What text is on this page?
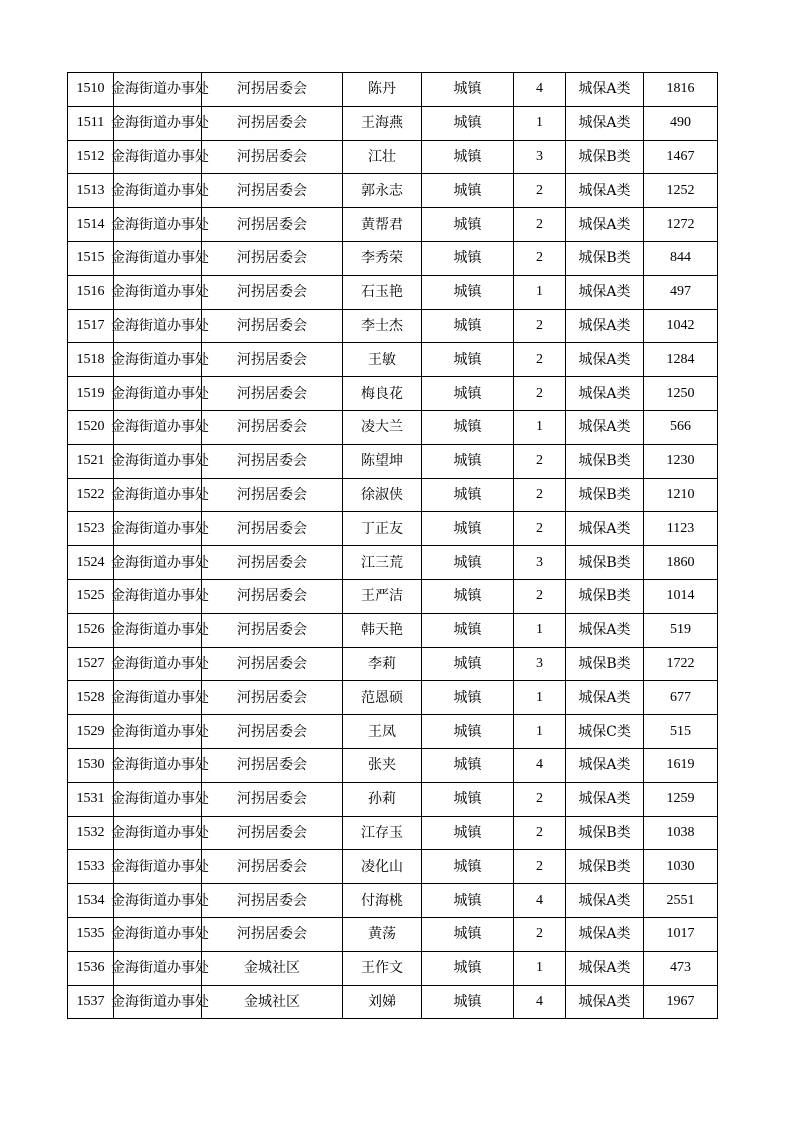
1510	金海街道办事处	河拐居委会	陈丹	城镇	4	城保A类	1816
1511	金海街道办事处	河拐居委会	王海燕	城镇	1	城保A类	490
1512	金海街道办事处	河拐居委会	江壮	城镇	3	城保B类	1467
1513	金海街道办事处	河拐居委会	郭永志	城镇	2	城保A类	1252
1514	金海街道办事处	河拐居委会	黄帮君	城镇	2	城保A类	1272
1515	金海街道办事处	河拐居委会	李秀荣	城镇	2	城保B类	844
1516	金海街道办事处	河拐居委会	石玉艳	城镇	1	城保A类	497
1517	金海街道办事处	河拐居委会	李士杰	城镇	2	城保A类	1042
1518	金海街道办事处	河拐居委会	王敏	城镇	2	城保A类	1284
1519	金海街道办事处	河拐居委会	梅良花	城镇	2	城保A类	1250
1520	金海街道办事处	河拐居委会	凌大兰	城镇	1	城保A类	566
1521	金海街道办事处	河拐居委会	陈望坤	城镇	2	城保B类	1230
1522	金海街道办事处	河拐居委会	徐淑侠	城镇	2	城保B类	1210
1523	金海街道办事处	河拐居委会	丁正友	城镇	2	城保A类	1123
1524	金海街道办事处	河拐居委会	江三荒	城镇	3	城保B类	1860
1525	金海街道办事处	河拐居委会	王严洁	城镇	2	城保B类	1014
1526	金海街道办事处	河拐居委会	韩天艳	城镇	1	城保A类	519
1527	金海街道办事处	河拐居委会	李莉	城镇	3	城保B类	1722
1528	金海街道办事处	河拐居委会	范恩硕	城镇	1	城保A类	677
1529	金海街道办事处	河拐居委会	王凤	城镇	1	城保C类	515
1530	金海街道办事处	河拐居委会	张夹	城镇	4	城保A类	1619
1531	金海街道办事处	河拐居委会	孙莉	城镇	2	城保A类	1259
1532	金海街道办事处	河拐居委会	江存玉	城镇	2	城保B类	1038
1533	金海街道办事处	河拐居委会	凌化山	城镇	2	城保B类	1030
1534	金海街道办事处	河拐居委会	付海桃	城镇	4	城保A类	2551
1535	金海街道办事处	河拐居委会	黄荡	城镇	2	城保A类	1017
1536	金海街道办事处	金城社区	王作文	城镇	1	城保A类	473
1537	金海街道办事处	金城社区	刘娣	城镇	4	城保A类	1967
